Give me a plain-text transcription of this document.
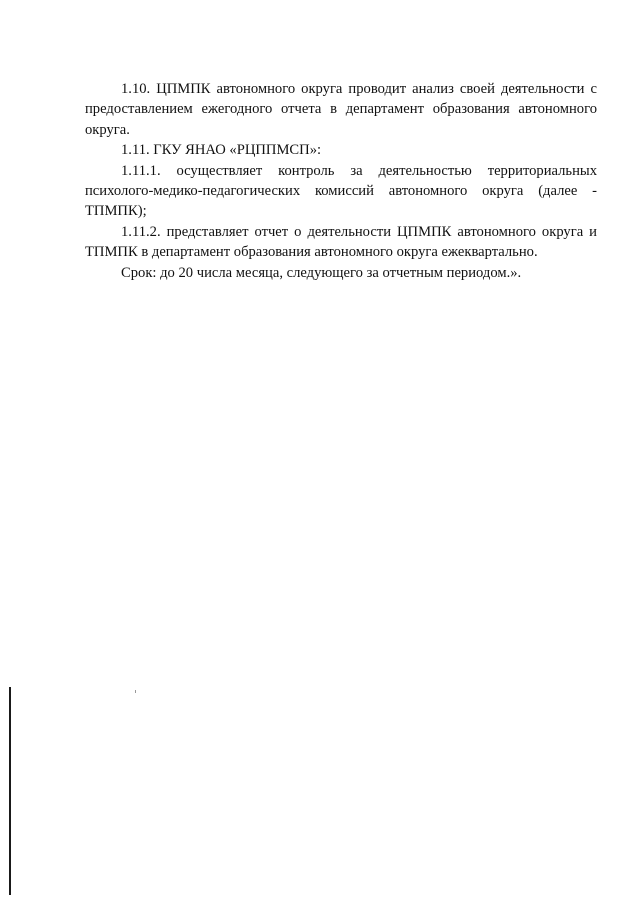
1.10. ЦПМПК автономного округа проводит анализ своей деятельности с предоставлением ежегодного отчета в департамент образования автономного округа.

1.11. ГКУ ЯНАО «РЦППМСП»:

1.11.1. осуществляет контроль за деятельностью территориальных психолого-медико-педагогических комиссий автономного округа (далее - ТПМПК);

1.11.2. представляет отчет о деятельности ЦПМПК автономного округа и ТПМПК в департамент образования автономного округа ежеквартально.

Срок: до 20 числа месяца, следующего за отчетным периодом.».
